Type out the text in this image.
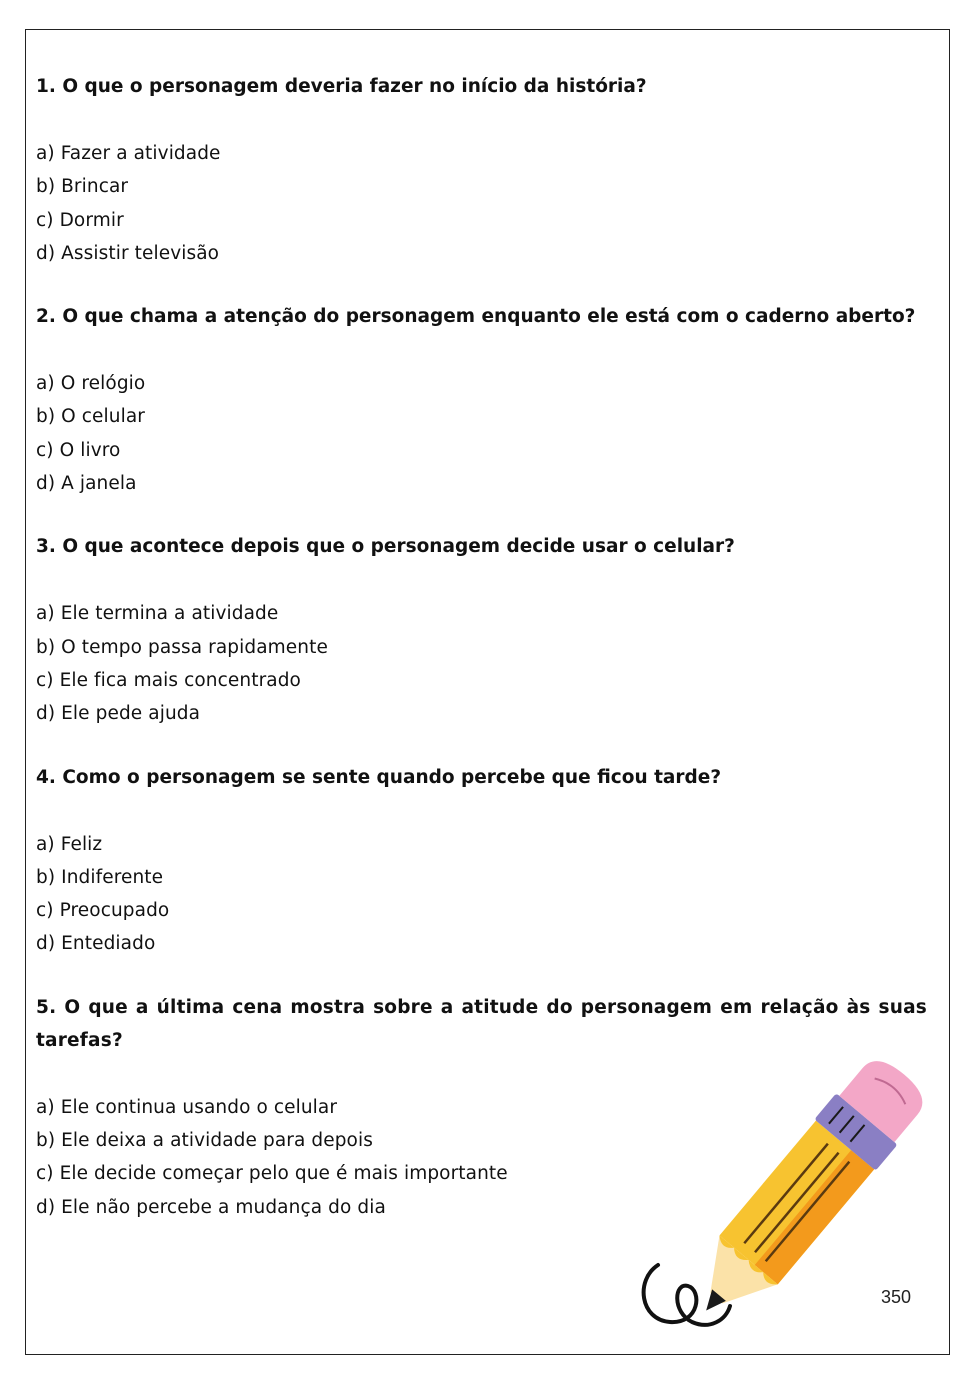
1. O que o personagem deveria fazer no início da história?

a) Fazer a atividade
b) Brincar
c) Dormir
d) Assistir televisão

2. O que chama a atenção do personagem enquanto ele está com o caderno aberto?

a) O relógio
b) O celular
c) O livro
d) A janela

3. O que acontece depois que o personagem decide usar o celular?

a) Ele termina a atividade
b) O tempo passa rapidamente
c) Ele fica mais concentrado
d) Ele pede ajuda

4. Como o personagem se sente quando percebe que ficou tarde?

a) Feliz
b) Indiferente
c) Preocupado
d) Entediado

5. O que a última cena mostra sobre a atitude do personagem em relação às suas tarefas?

a) Ele continua usando o celular
b) Ele deixa a atividade para depois
c) Ele decide começar pelo que é mais importante
d) Ele não percebe a mudança do dia
350
